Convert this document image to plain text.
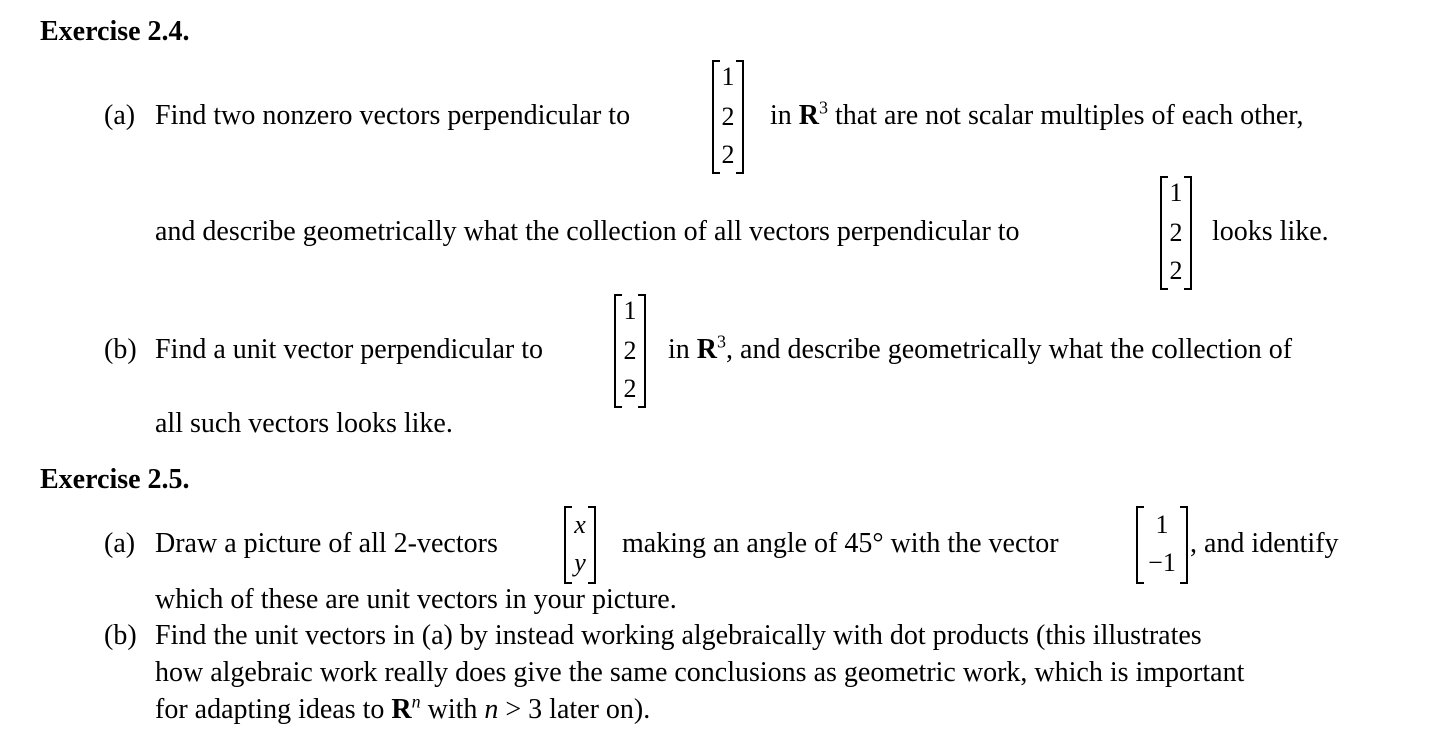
Exercise 2.4.
(a) Find two nonzero vectors perpendicular to
1
2
2
in $R^3$ that are not scalar multiples of each other,
and describe geometrically what the collection of all vectors perpendicular to
1
2
2
looks like.
(b) Find a unit vector perpendicular to
1
2
2
in $R^3$, and describe geometrically what the collection of
all such vectors looks like.
Exercise 2.5.
(a) Draw a picture of all 2-vectors
x
y
making an angle of 45° with the vector
1
−1
, and identify
which of these are unit vectors in your picture.
(b) Find the unit vectors in (a) by instead working algebraically with dot products (this illustrates
how algebraic work really does give the same conclusions as geometric work, which is important
for adapting ideas to $R^n$ with n > 3 later on).
